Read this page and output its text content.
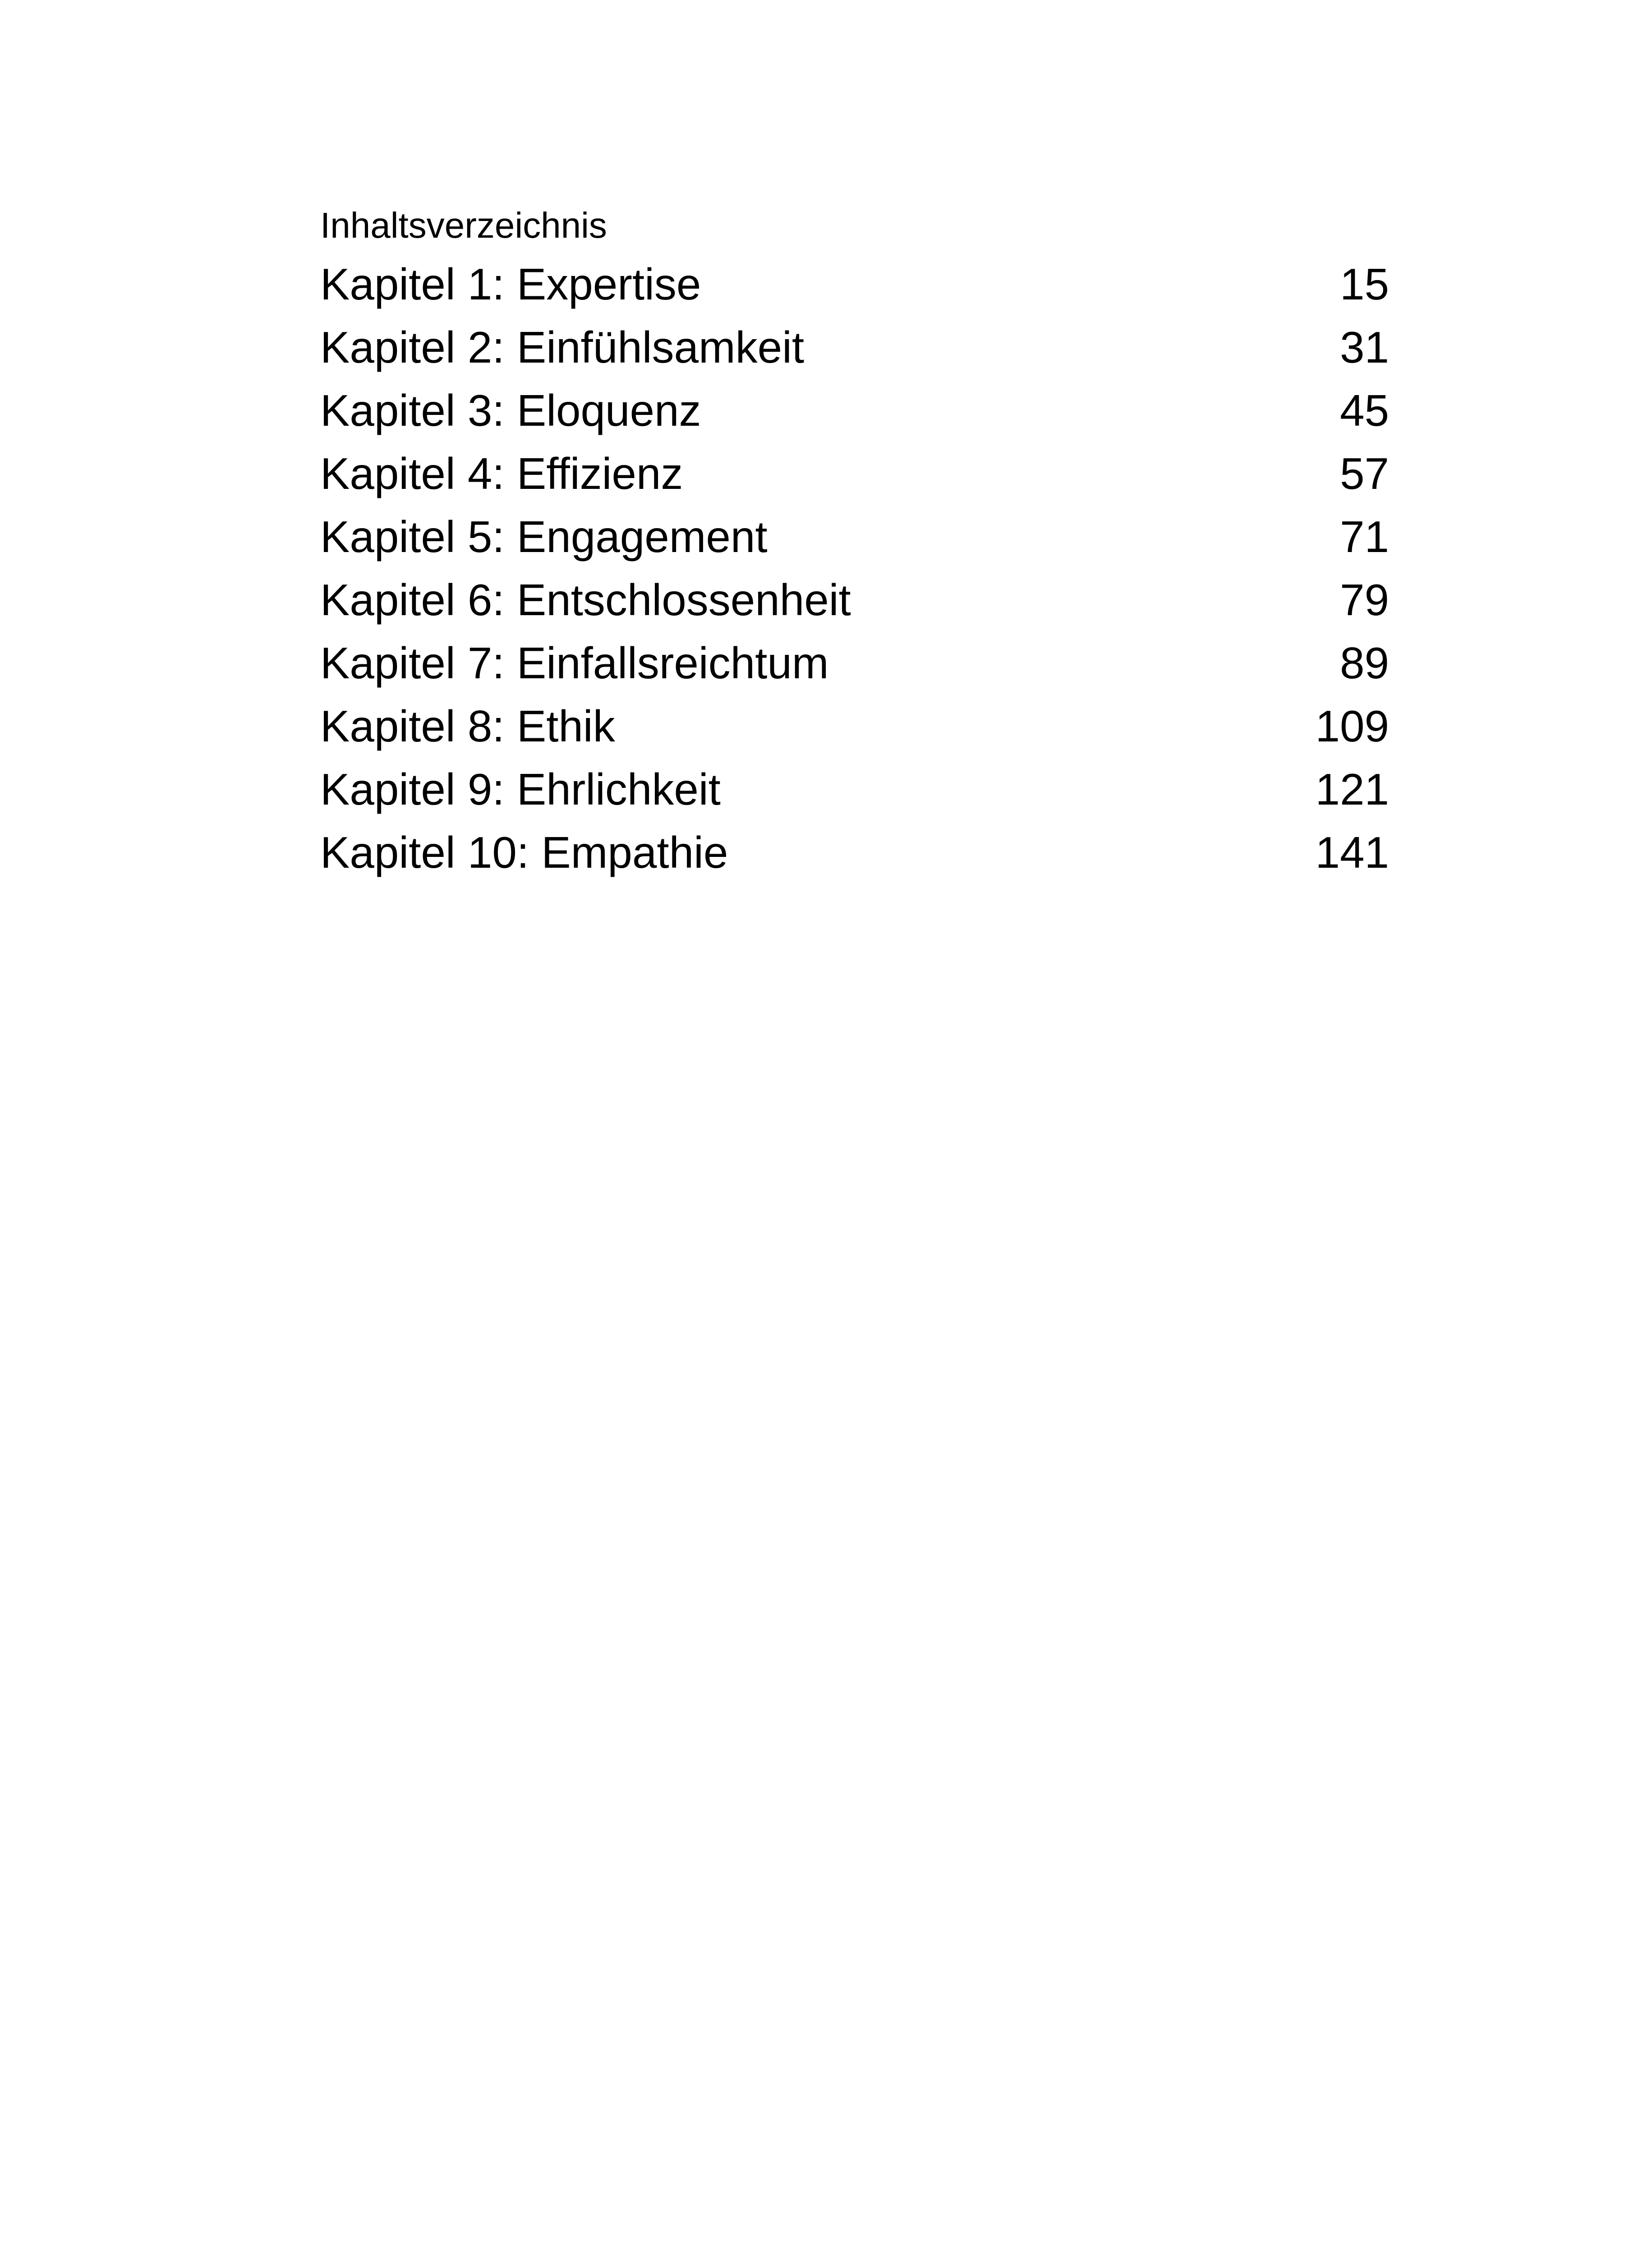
Inhaltsverzeichnis
Kapitel 1: Expertise	15
Kapitel 2: Einfühlsamkeit	31
Kapitel 3: Eloquenz	45
Kapitel 4: Effizienz	57
Kapitel 5: Engagement	71
Kapitel 6: Entschlossenheit	79
Kapitel 7: Einfallsreichtum	89
Kapitel 8: Ethik	109
Kapitel 9: Ehrlichkeit	121
Kapitel 10: Empathie	141
